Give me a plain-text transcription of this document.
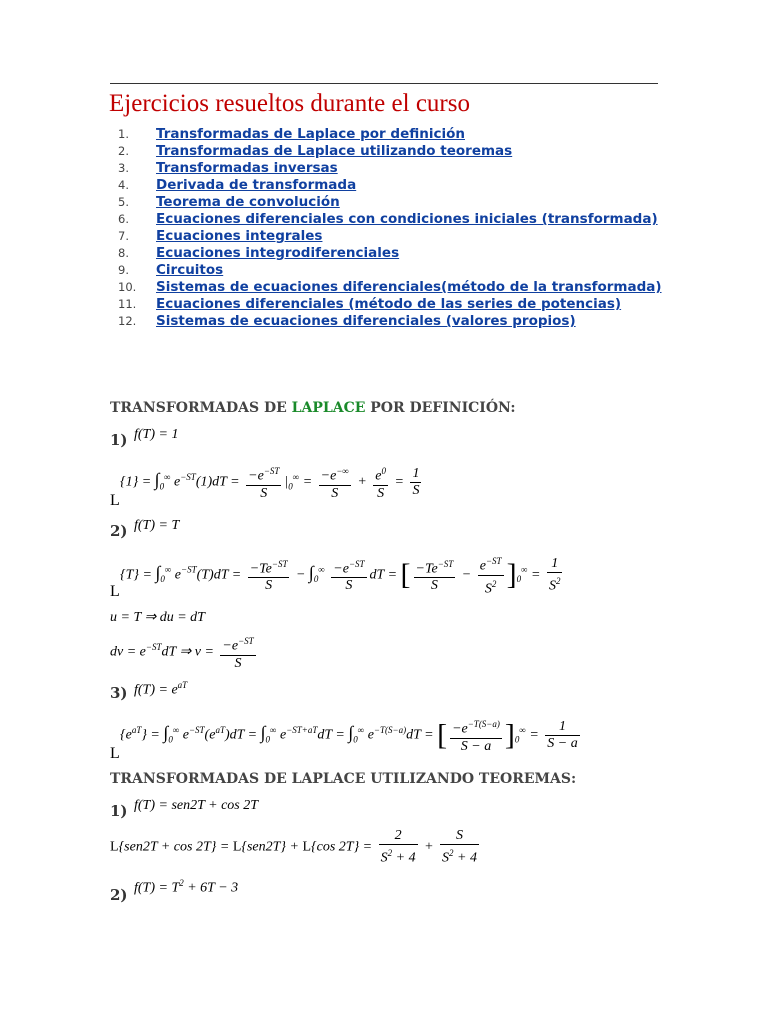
Ejercicios resueltos durante el curso
1. Transformadas de Laplace por definición
2. Transformadas de Laplace utilizando teoremas
3. Transformadas inversas
4. Derivada de transformada
5. Teorema de convolución
6. Ecuaciones diferenciales con condiciones iniciales (transformada)
7. Ecuaciones integrales
8. Ecuaciones integrodiferenciales
9. Circuitos
10. Sistemas de ecuaciones diferenciales(método de la transformada)
11. Ecuaciones diferenciales (método de las series de potencias)
12. Sistemas de ecuaciones diferenciales (valores propios)
TRANSFORMADAS DE LAPLACE POR DEFINICIÓN:
1) f(T) = 1
L
$\{1\} = \int_0^\infty$ $e^{-ST}(1)dT = \frac{-e^{-ST}}{S} |_0^\infty = \frac{-e^{-\infty}}{S} + \frac{e^0}{S} = \frac{1}{S}$
2) f(T) = T
L
$\{T\} = \int_0^\infty$ $e^{-ST}(T)dT = \frac{-Te^{-ST}}{S} - \int_0^\infty \frac{-e^{-ST}}{S}$ dT = [ $\frac{-Te^{-ST}}{S} - \frac{e^{-ST}}{S^2} ]_0^\infty = \frac{1}{S^2}$
u = T ⇒ du = dT
dv = $e^{-ST}dT$ ⇒ $v = \frac{-e^{-ST}}{S}$
3) $f(T) = e^{aT}$
L
$\{e^{aT}\} = \int_0^\infty$ $e^{-ST}(e^{aT})dT = \int_0^\infty$ $e^{-ST+aT}dT = \int_0^\infty$ $e^{-T(S-a)}dT$ = [ $\frac{-e^{-T(S-a)}}{S - a} ]_0^\infty = \frac{1}{S - a}$
TRANSFORMADAS DE LAPLACE UTILIZANDO TEOREMAS:
1) f(T) = sen2T + cos 2T
L{sen2T + cos 2T} = L{sen2T} + L{cos $2T\} = \frac{2}{S^2 + 4} + \frac{S}{S^2 + 4}$
2) $f(T) = T^2 + 6T - 3$
